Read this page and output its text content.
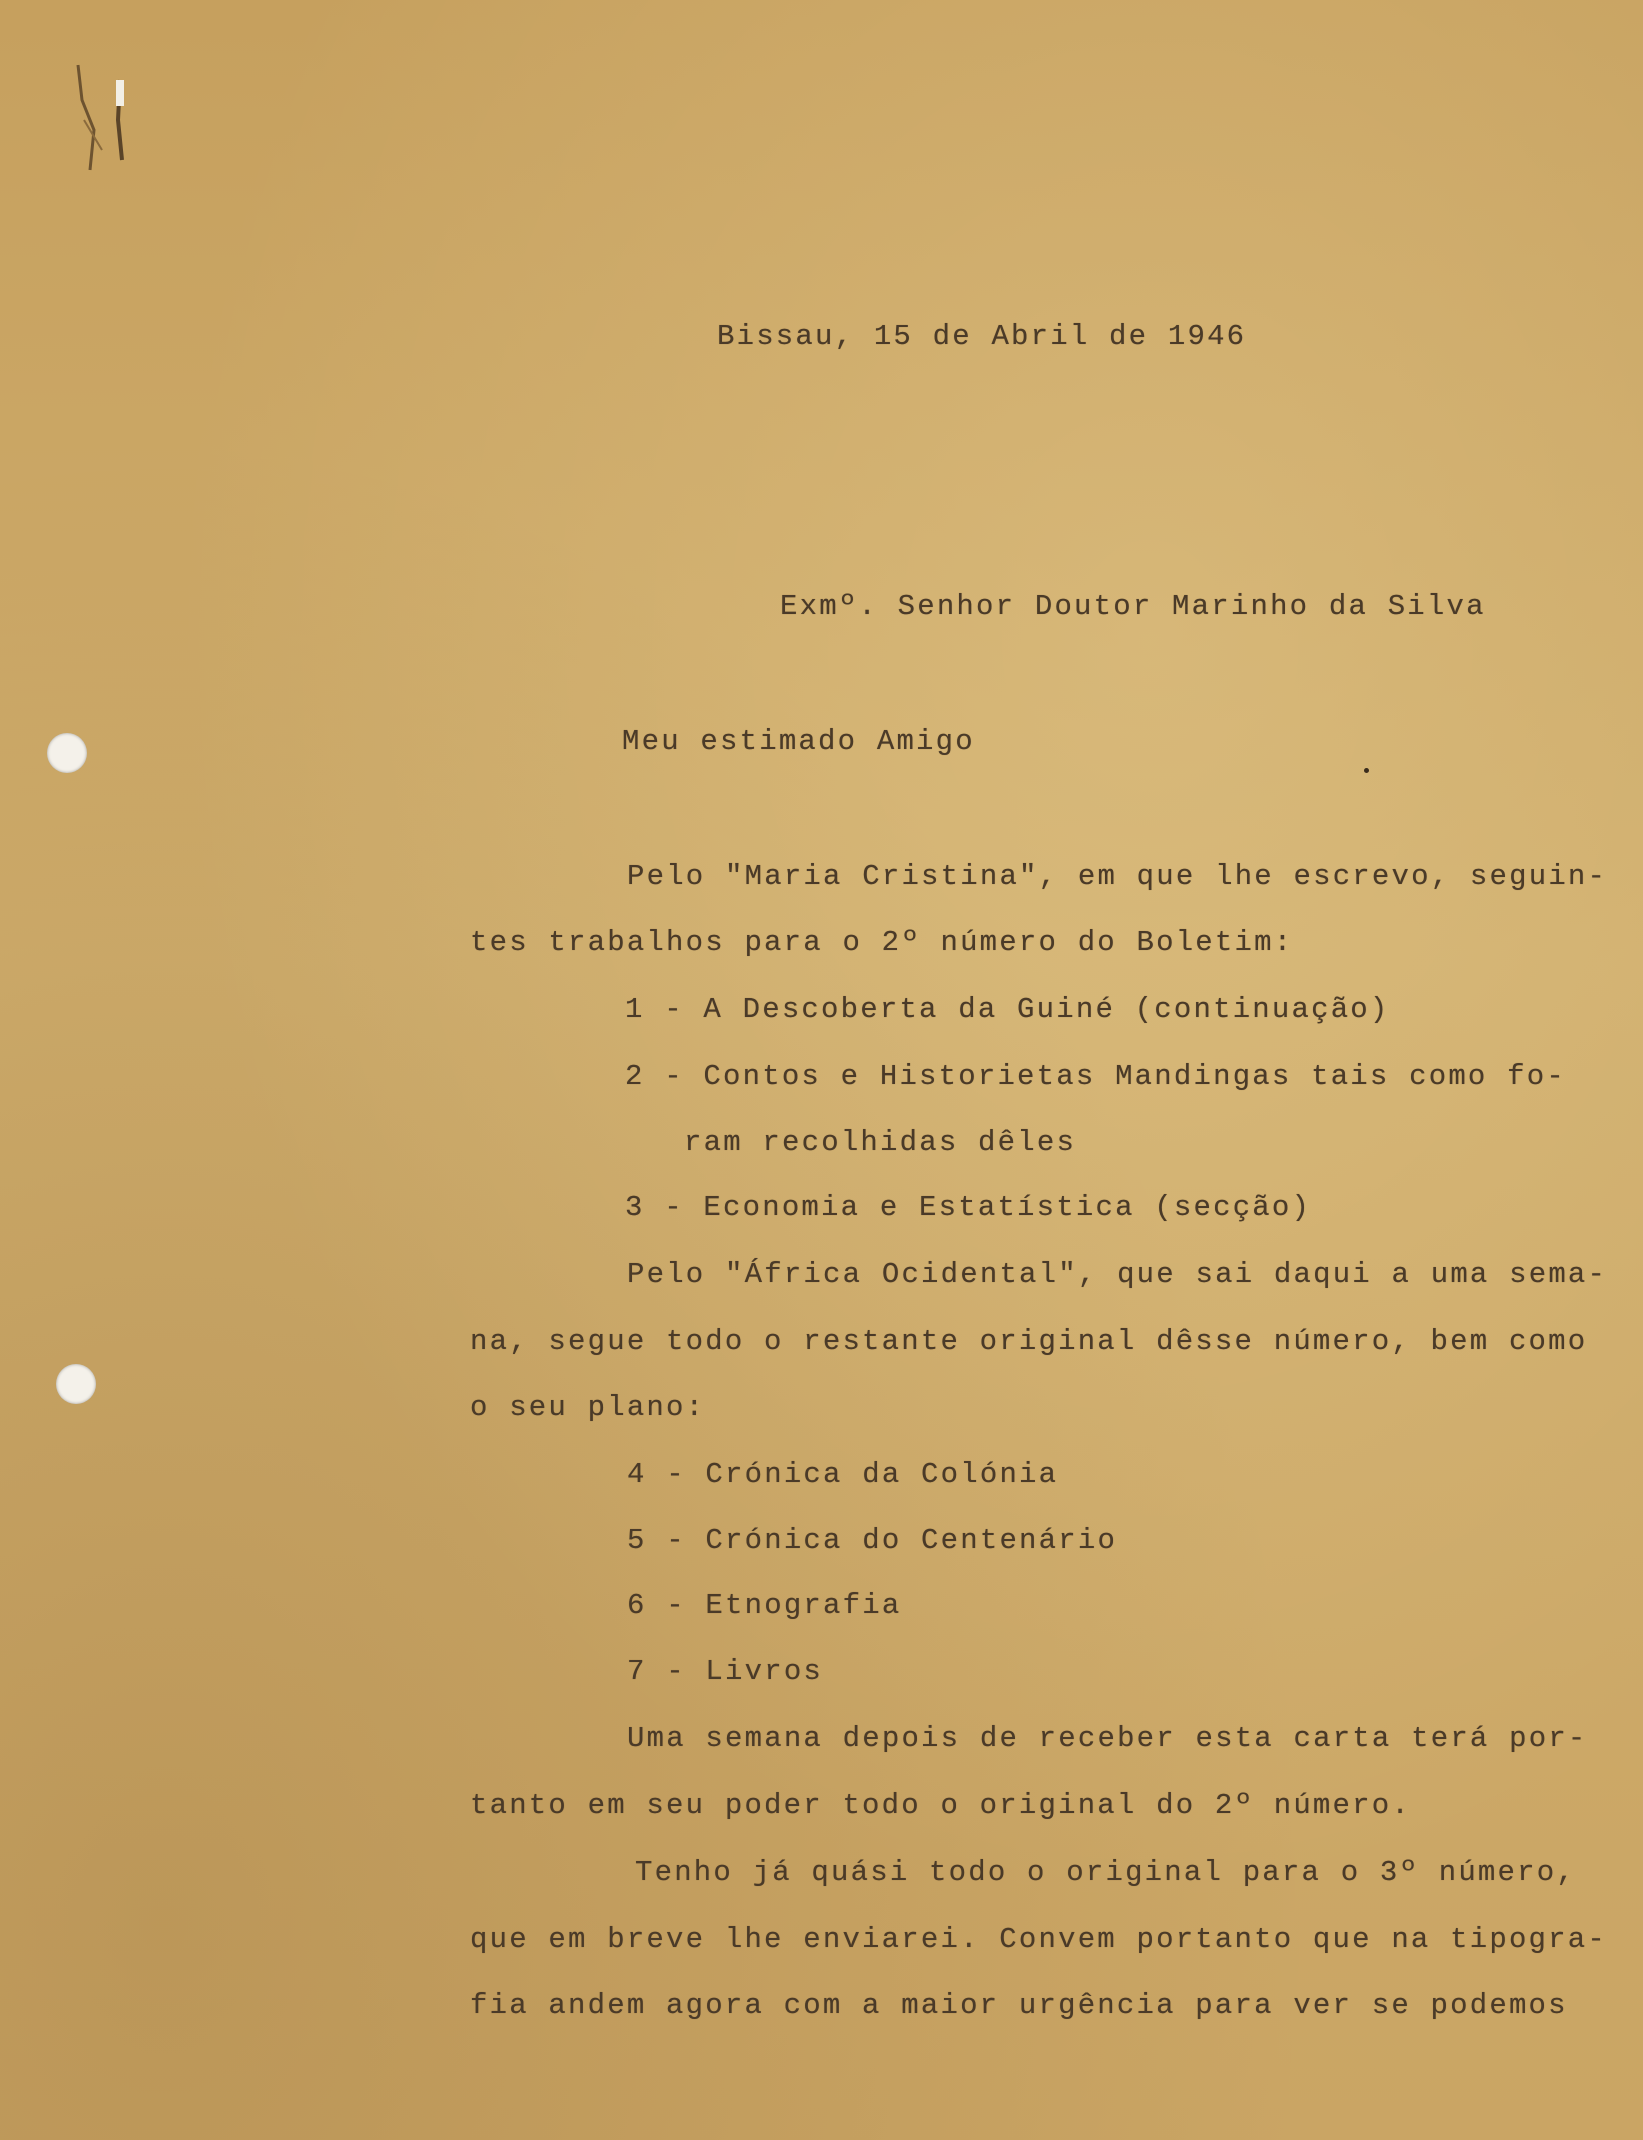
Bissau, 15 de Abril de 1946
Exmº. Senhor Doutor Marinho da Silva
Meu estimado Amigo
Pelo "Maria Cristina", em que lhe escrevo, seguin-
tes trabalhos para o 2º número do Boletim:
1 - A Descoberta da Guiné (continuação)
2 - Contos e Historietas Mandingas tais como fo-
ram recolhidas dêles
3 - Economia e Estatística (secção)
Pelo "África Ocidental", que sai daqui a uma sema-
na, segue todo o restante original dêsse número, bem como
o seu plano:
4 - Crónica da Colónia
5 - Crónica do Centenário
6 - Etnografia
7 - Livros
Uma semana depois de receber esta carta terá por-
tanto em seu poder todo o original do 2º número.
Tenho já quási todo o original para o 3º número,
que em breve lhe enviarei. Convem portanto que na tipogra-
fia andem agora com a maior urgência para ver se podemos
